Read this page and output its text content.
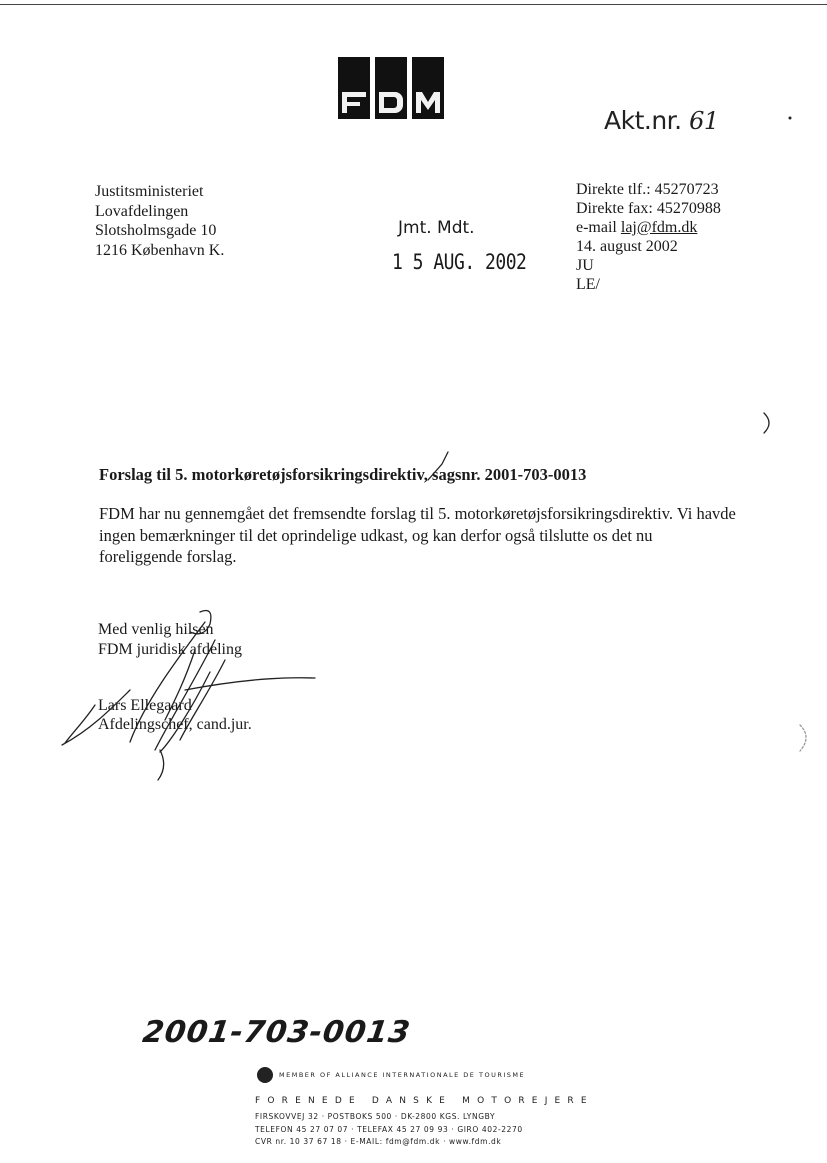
FDM
Akt.nr. 61
Justitsministeriet
Lovafdelingen
Slotsholmsgade 10
1216 København K.
Jmt. Mdt.
1 5 AUG. 2002
Direkte tlf.: 45270723
Direkte fax: 45270988
e-mail laj@fdm.dk
14. august 2002
JU
LE/
Forslag til 5. motorkøretøjsforsikringsdirektiv, sagsnr. 2001-703-0013
FDM har nu gennemgået det fremsendte forslag til 5. motorkøretøjsforsikringsdirektiv. Vi havde ingen bemærkninger til det oprindelige udkast, og kan derfor også tilslutte os det nu foreliggende forslag.
Med venlig hilsen
FDM juridisk afdeling
Lars Ellegaard
Afdelingschef, cand.jur.
2001-703-0013
MEMBER OF ALLIANCE INTERNATIONALE DE TOURISME
FORENEDE DANSKE MOTOREJERE
FIRSKOVVEJ 32 · POSTBOKS 500 · DK-2800 KGS. LYNGBY
TELEFON 45 27 07 07 · TELEFAX 45 27 09 93 · GIRO 402-2270
CVR nr. 10 37 67 18 · E-MAIL: fdm@fdm.dk · www.fdm.dk
